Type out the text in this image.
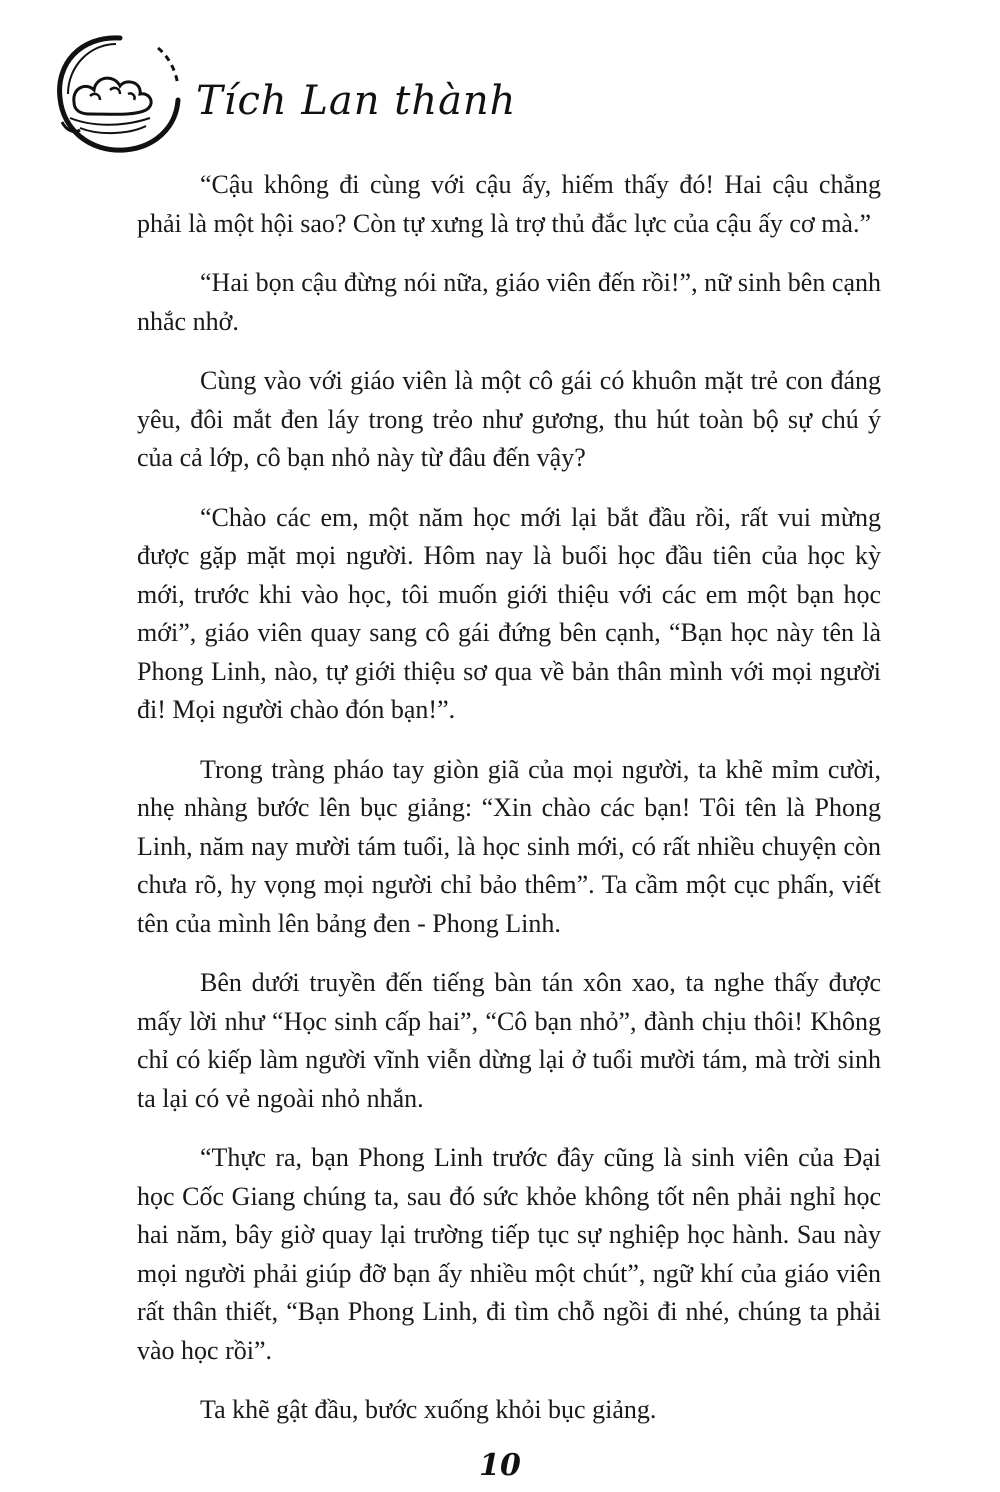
Tích Lan thành

“Cậu không đi cùng với cậu ấy, hiếm thấy đó! Hai cậu chẳng phải là một hội sao? Còn tự xưng là trợ thủ đắc lực của cậu ấy cơ mà.”

“Hai bọn cậu đừng nói nữa, giáo viên đến rồi!”, nữ sinh bên cạnh nhắc nhở.

Cùng vào với giáo viên là một cô gái có khuôn mặt trẻ con đáng yêu, đôi mắt đen láy trong trẻo như gương, thu hút toàn bộ sự chú ý của cả lớp, cô bạn nhỏ này từ đâu đến vậy?

“Chào các em, một năm học mới lại bắt đầu rồi, rất vui mừng được gặp mặt mọi người. Hôm nay là buổi học đầu tiên của học kỳ mới, trước khi vào học, tôi muốn giới thiệu với các em một bạn học mới”, giáo viên quay sang cô gái đứng bên cạnh, “Bạn học này tên là Phong Linh, nào, tự giới thiệu sơ qua về bản thân mình với mọi người đi! Mọi người chào đón bạn!”.

Trong tràng pháo tay giòn giã của mọi người, ta khẽ mỉm cười, nhẹ nhàng bước lên bục giảng: “Xin chào các bạn! Tôi tên là Phong Linh, năm nay mười tám tuổi, là học sinh mới, có rất nhiều chuyện còn chưa rõ, hy vọng mọi người chỉ bảo thêm”. Ta cầm một cục phấn, viết tên của mình lên bảng đen - Phong Linh.

Bên dưới truyền đến tiếng bàn tán xôn xao, ta nghe thấy được mấy lời như “Học sinh cấp hai”, “Cô bạn nhỏ”, đành chịu thôi! Không chỉ có kiếp làm người vĩnh viễn dừng lại ở tuổi mười tám, mà trời sinh ta lại có vẻ ngoài nhỏ nhắn.

“Thực ra, bạn Phong Linh trước đây cũng là sinh viên của Đại học Cốc Giang chúng ta, sau đó sức khỏe không tốt nên phải nghỉ học hai năm, bây giờ quay lại trường tiếp tục sự nghiệp học hành. Sau này mọi người phải giúp đỡ bạn ấy nhiều một chút”, ngữ khí của giáo viên rất thân thiết, “Bạn Phong Linh, đi tìm chỗ ngồi đi nhé, chúng ta phải vào học rồi”.

Ta khẽ gật đầu, bước xuống khỏi bục giảng.

10
